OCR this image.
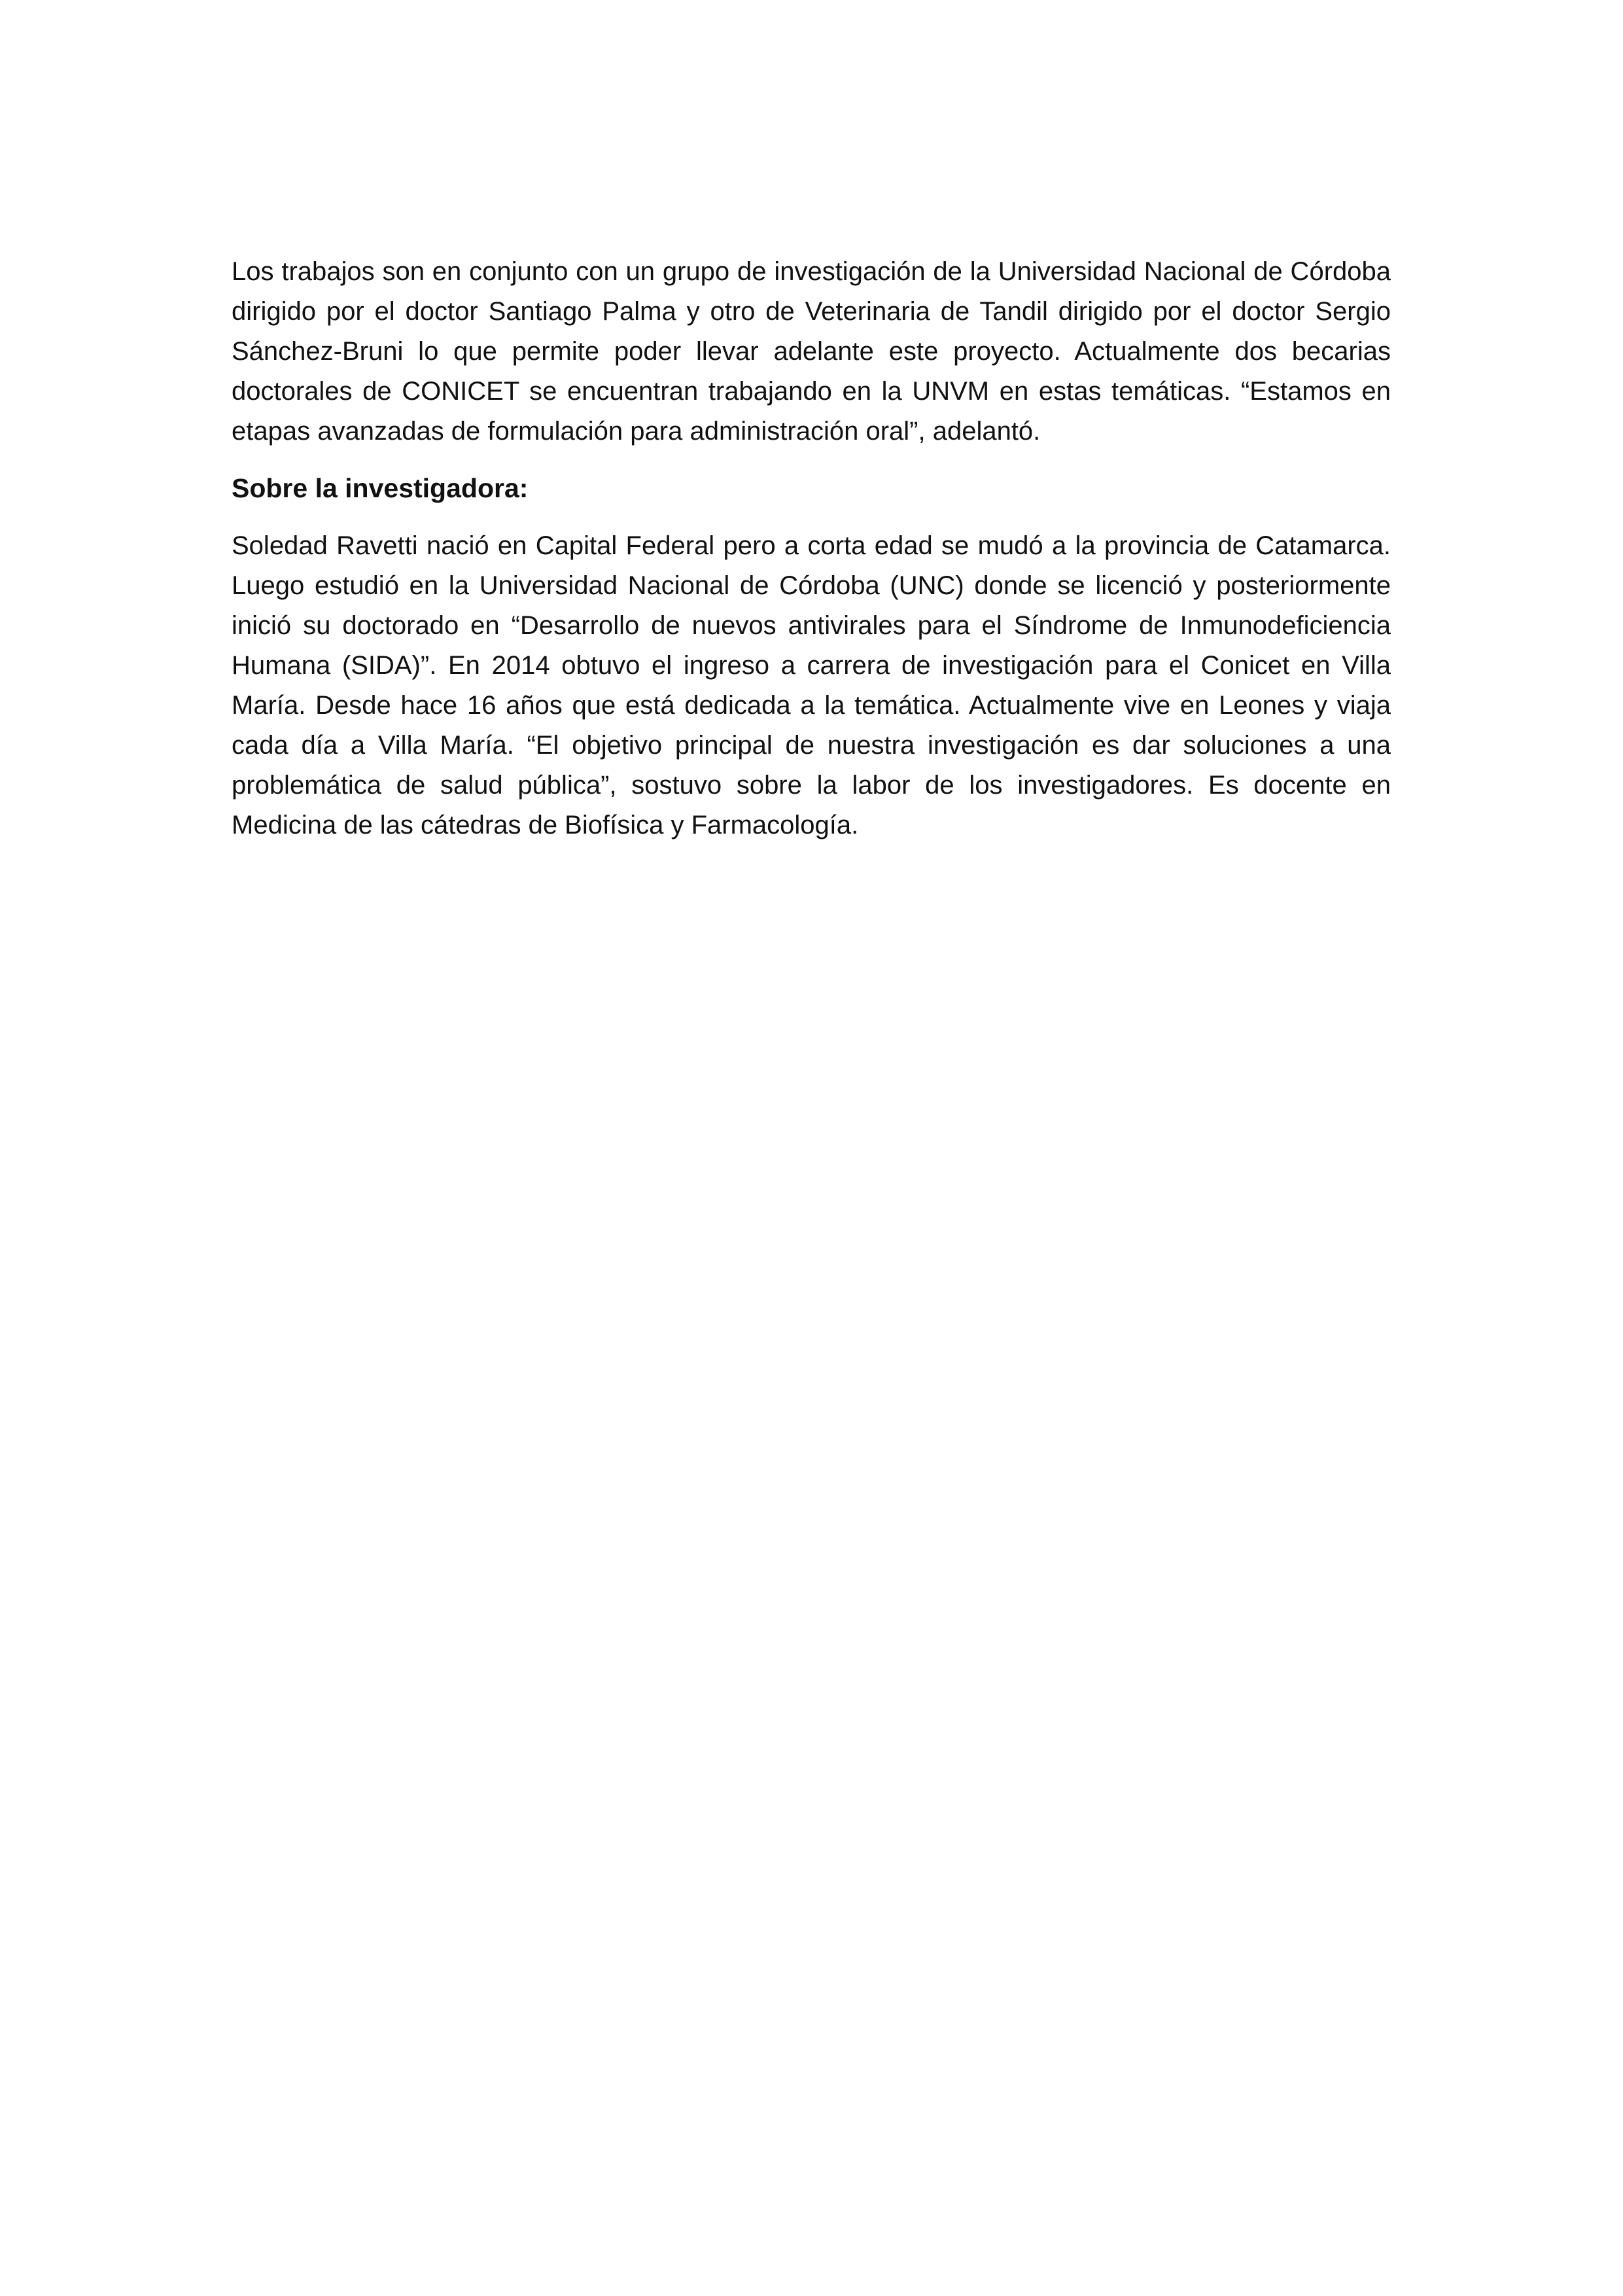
Los trabajos son en conjunto con un grupo de investigación de la Universidad Nacional de Córdoba dirigido por el doctor Santiago Palma y otro de Veterinaria de Tandil dirigido por el doctor Sergio Sánchez-Bruni lo que permite poder llevar adelante este proyecto. Actualmente dos becarias doctorales de CONICET se encuentran trabajando en la UNVM en estas temáticas. “Estamos en etapas avanzadas de formulación para administración oral”, adelantó.

Sobre la investigadora:

Soledad Ravetti nació en Capital Federal pero a corta edad se mudó a la provincia de Catamarca. Luego estudió en la Universidad Nacional de Córdoba (UNC) donde se licenció y posteriormente inició su doctorado en “Desarrollo de nuevos antivirales para el Síndrome de Inmunodeficiencia Humana (SIDA)”. En 2014 obtuvo el ingreso a carrera de investigación para el Conicet en Villa María. Desde hace 16 años que está dedicada a la temática. Actualmente vive en Leones y viaja cada día a Villa María. “El objetivo principal de nuestra investigación es dar soluciones a una problemática de salud pública”, sostuvo sobre la labor de los investigadores. Es docente en Medicina de las cátedras de Biofísica y Farmacología.
